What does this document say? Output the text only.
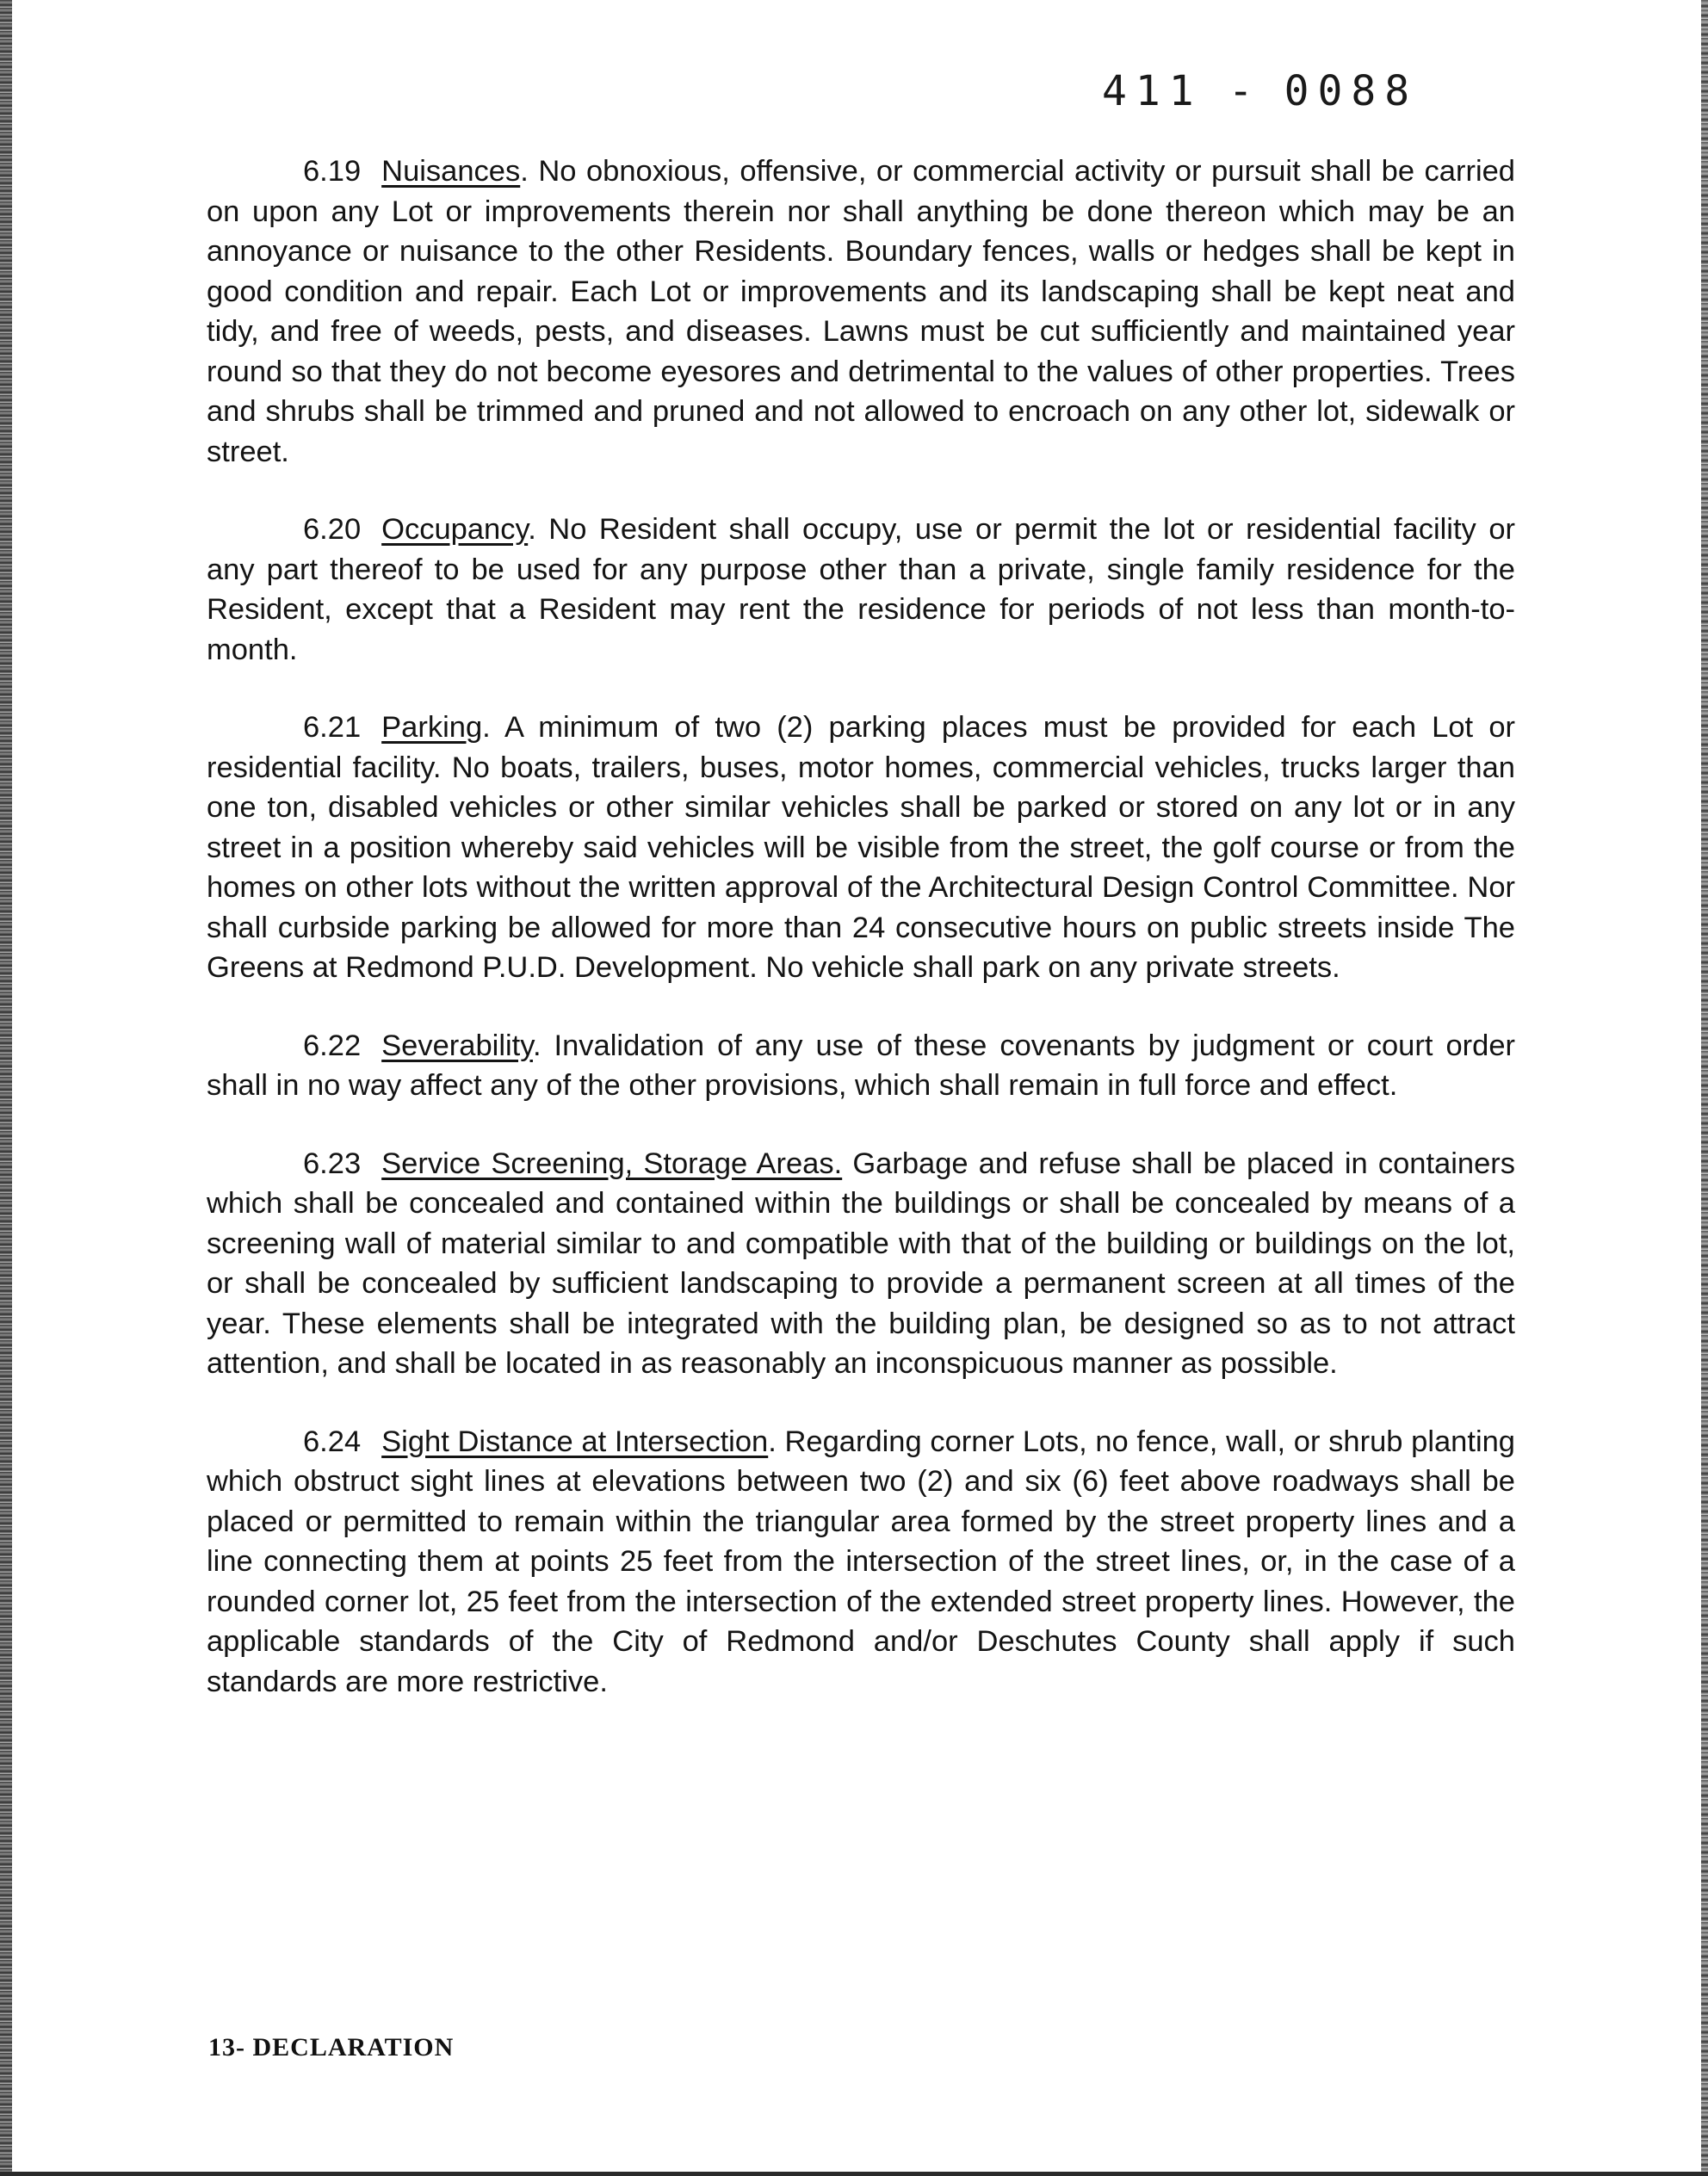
411 - 0088

6.19 Nuisances. No obnoxious, offensive, or commercial activity or pursuit shall be carried on upon any Lot or improvements therein nor shall anything be done thereon which may be an annoyance or nuisance to the other Residents. Boundary fences, walls or hedges shall be kept in good condition and repair. Each Lot or improvements and its landscaping shall be kept neat and tidy, and free of weeds, pests, and diseases. Lawns must be cut sufficiently and maintained year round so that they do not become eyesores and detrimental to the values of other properties. Trees and shrubs shall be trimmed and pruned and not allowed to encroach on any other lot, sidewalk or street.

6.20 Occupancy. No Resident shall occupy, use or permit the lot or residential facility or any part thereof to be used for any purpose other than a private, single family residence for the Resident, except that a Resident may rent the residence for periods of not less than month-to-month.

6.21 Parking. A minimum of two (2) parking places must be provided for each Lot or residential facility. No boats, trailers, buses, motor homes, commercial vehicles, trucks larger than one ton, disabled vehicles or other similar vehicles shall be parked or stored on any lot or in any street in a position whereby said vehicles will be visible from the street, the golf course or from the homes on other lots without the written approval of the Architectural Design Control Committee. Nor shall curbside parking be allowed for more than 24 consecutive hours on public streets inside The Greens at Redmond P.U.D. Development. No vehicle shall park on any private streets.

6.22 Severability. Invalidation of any use of these covenants by judgment or court order shall in no way affect any of the other provisions, which shall remain in full force and effect.

6.23 Service Screening, Storage Areas. Garbage and refuse shall be placed in containers which shall be concealed and contained within the buildings or shall be concealed by means of a screening wall of material similar to and compatible with that of the building or buildings on the lot, or shall be concealed by sufficient landscaping to provide a permanent screen at all times of the year. These elements shall be integrated with the building plan, be designed so as to not attract attention, and shall be located in as reasonably an inconspicuous manner as possible.

6.24 Sight Distance at Intersection. Regarding corner Lots, no fence, wall, or shrub planting which obstruct sight lines at elevations between two (2) and six (6) feet above roadways shall be placed or permitted to remain within the triangular area formed by the street property lines and a line connecting them at points 25 feet from the intersection of the street lines, or, in the case of a rounded corner lot, 25 feet from the intersection of the extended street property lines. However, the applicable standards of the City of Redmond and/or Deschutes County shall apply if such standards are more restrictive.

13- DECLARATION
